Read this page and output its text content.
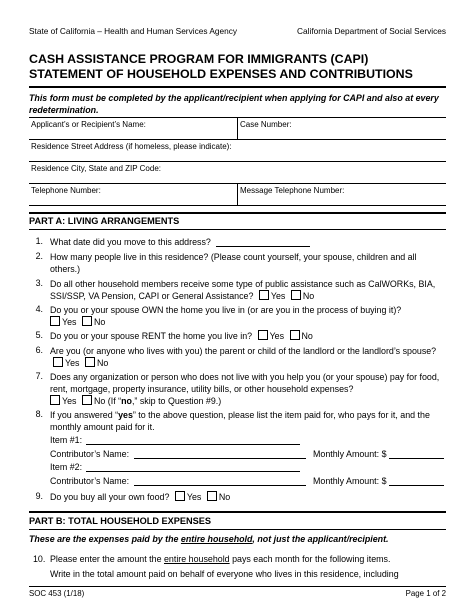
State of California – Health and Human Services Agency	California Department of Social Services
CASH ASSISTANCE PROGRAM FOR IMMIGRANTS (CAPI)
STATEMENT OF HOUSEHOLD EXPENSES AND CONTRIBUTIONS
This form must be completed by the applicant/recipient when applying for CAPI and also at every redetermination.
Applicant’s or Recipient’s Name:	Case Number:
Residence Street Address (if homeless, please indicate):
Residence City, State and ZIP Code:
Telephone Number:	Message Telephone Number:
PART A: LIVING ARRANGEMENTS
1. What date did you move to this address?
2. How many people live in this residence? (Please count yourself, your spouse, children and all others.)
3. Do all other household members receive some type of public assistance such as CalWORKs, BIA, SSI/SSP, VA Pension, CAPI or General Assistance? Yes No
4. Do you or your spouse OWN the home you live in (or are you in the process of buying it)?
Yes No
5. Do you or your spouse RENT the home you live in? Yes No
6. Are you (or anyone who lives with you) the parent or child of the landlord or the landlord’s spouse? Yes No
7. Does any organization or person who does not live with you help you (or your spouse) pay for food, rent, mortgage, property insurance, utility bills, or other household expenses?
Yes No (If “no,” skip to Question #9.)
8. If you answered “yes” to the above question, please list the item paid for, who pays for it, and the monthly amount paid for it.
Item #1:
Contributor’s Name:	Monthly Amount: $
Item #2:
Contributor’s Name:	Monthly Amount: $
9. Do you buy all your own food? Yes No
PART B: TOTAL HOUSEHOLD EXPENSES
These are the expenses paid by the entire household, not just the applicant/recipient.
10. Please enter the amount the entire household pays each month for the following items.
Write in the total amount paid on behalf of everyone who lives in this residence, including
SOC 453 (1/18)	Page 1 of 2
